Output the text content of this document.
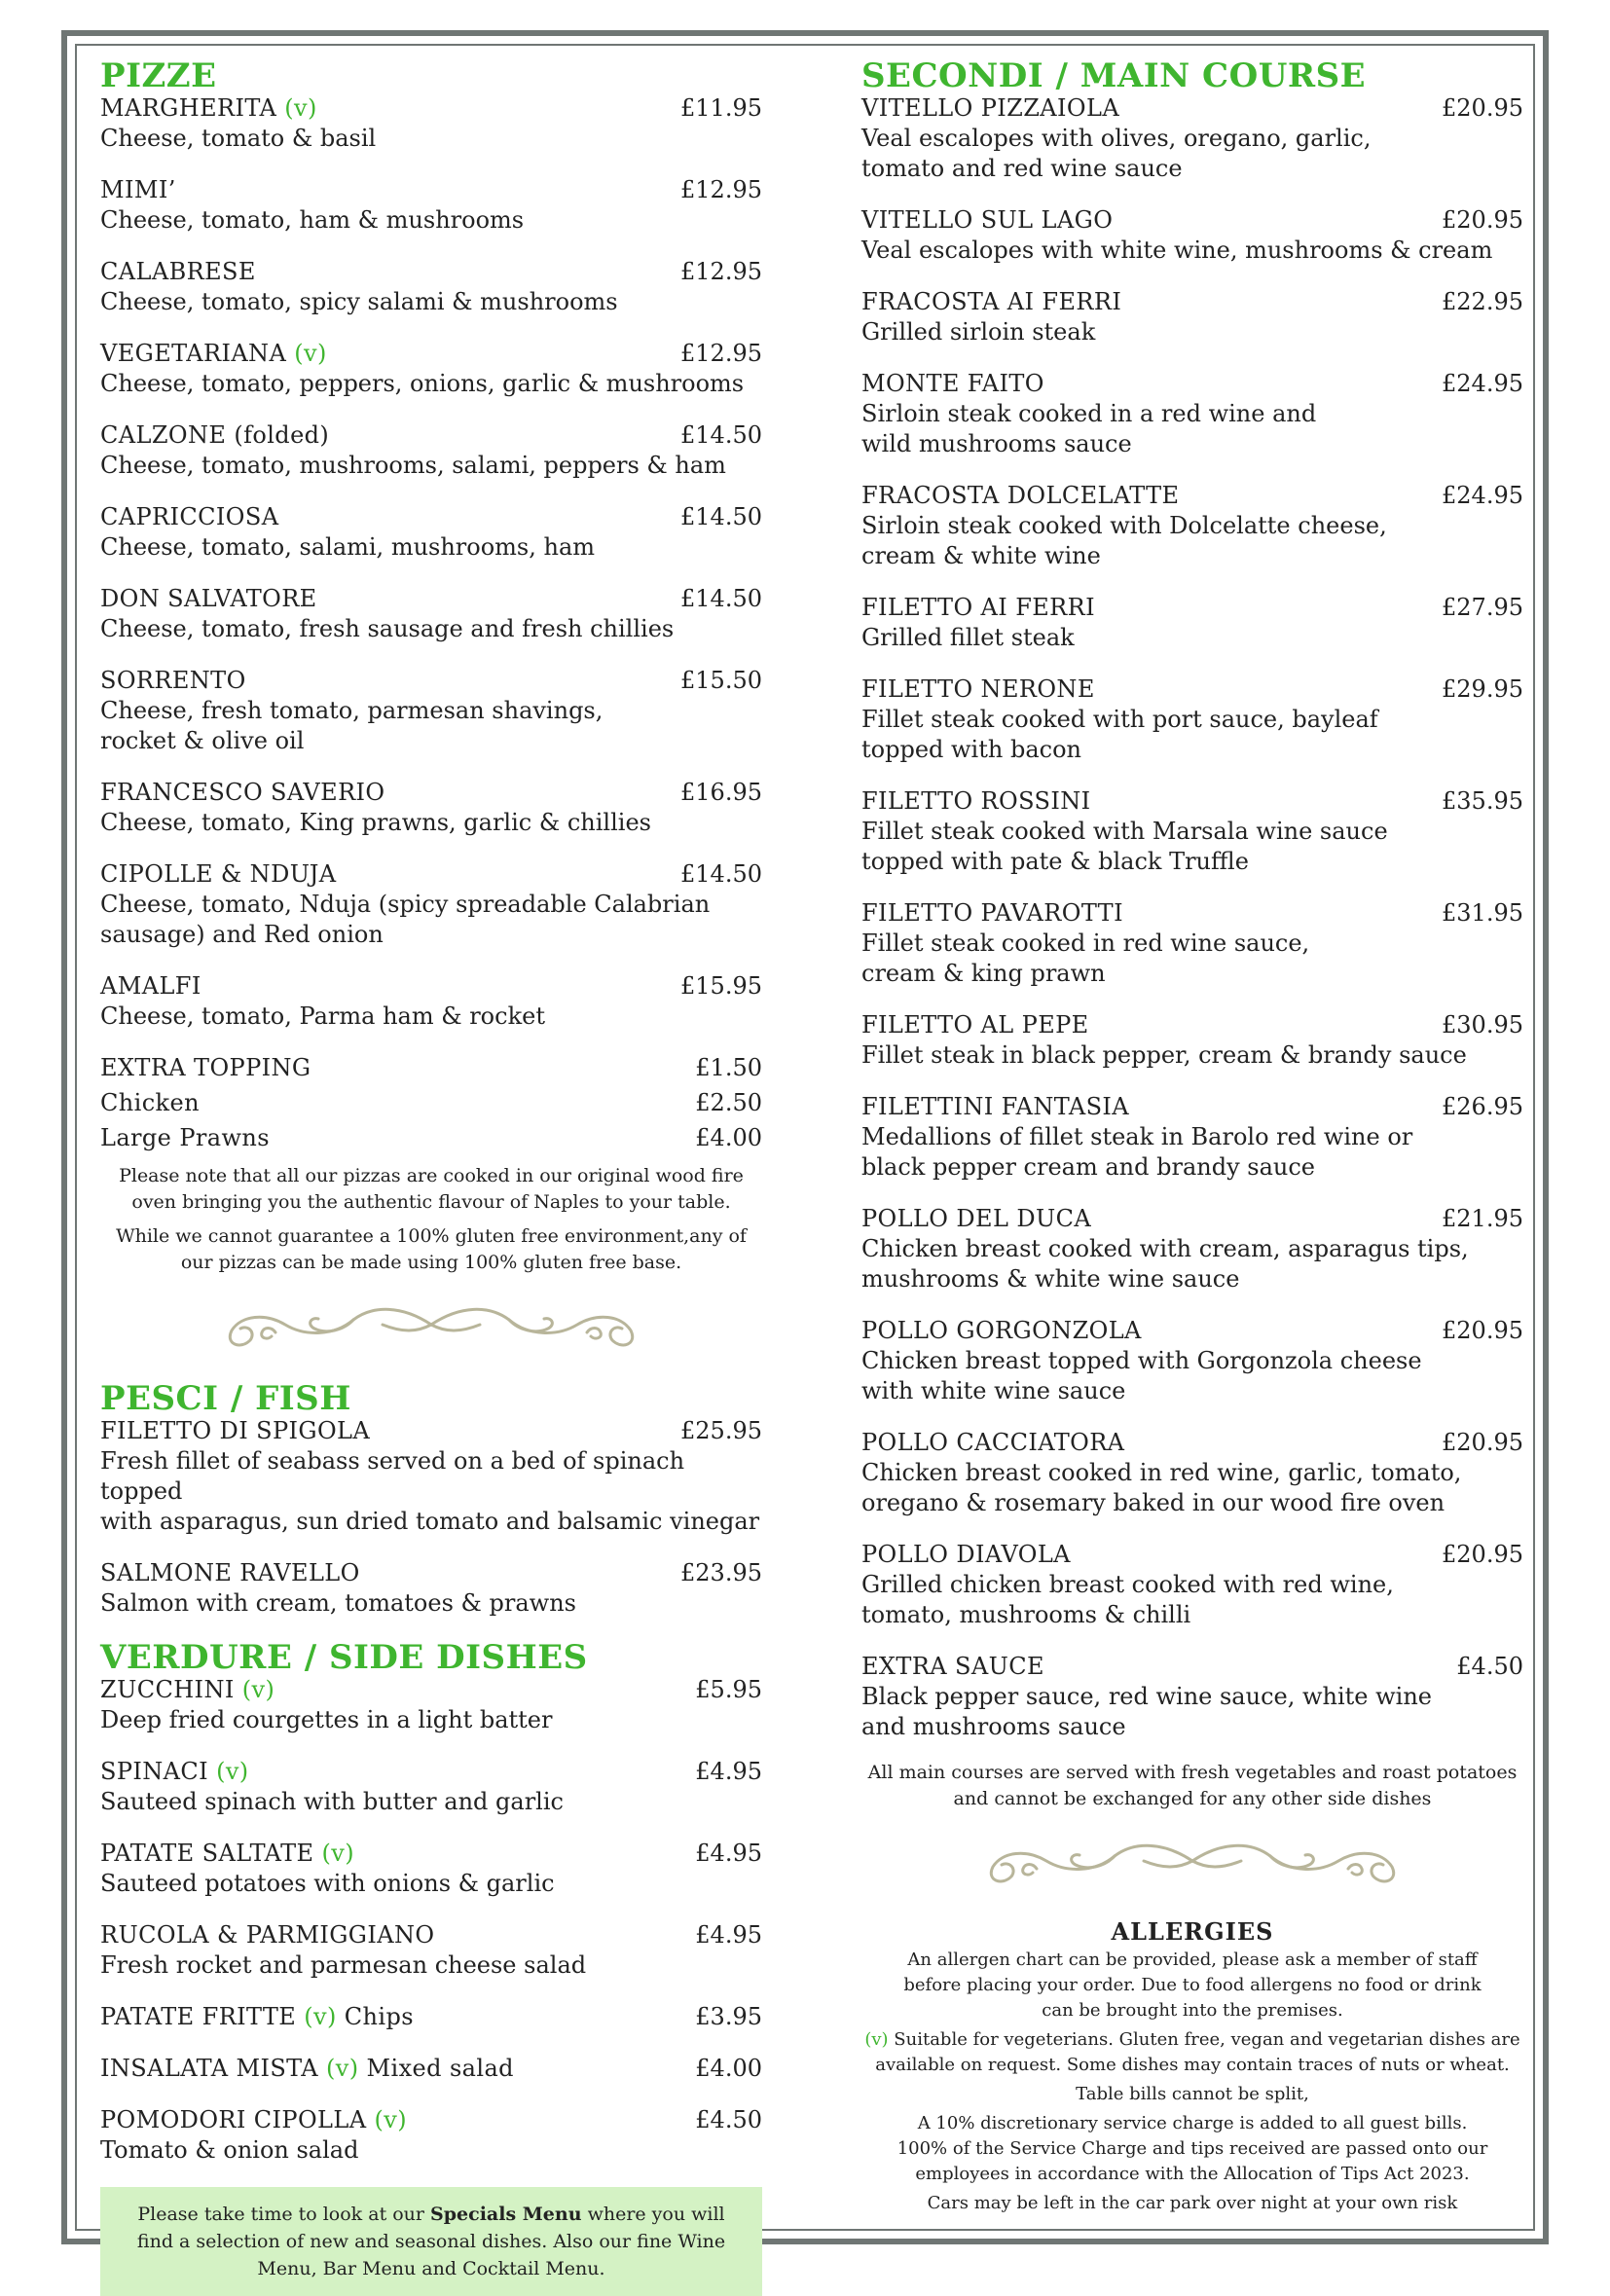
PIZZE
MARGHERITA (v)	£11.95
Cheese, tomato & basil
MIMI’	£12.95
Cheese, tomato, ham & mushrooms
CALABRESE	£12.95
Cheese, tomato, spicy salami & mushrooms
VEGETARIANA (v)	£12.95
Cheese, tomato, peppers, onions, garlic & mushrooms
CALZONE (folded)	£14.50
Cheese, tomato, mushrooms, salami, peppers & ham
CAPRICCIOSA	£14.50
Cheese, tomato, salami, mushrooms, ham
DON SALVATORE	£14.50
Cheese, tomato, fresh sausage and fresh chillies
SORRENTO	£15.50
Cheese, fresh tomato, parmesan shavings,
rocket & olive oil
FRANCESCO SAVERIO	£16.95
Cheese, tomato, King prawns, garlic & chillies
CIPOLLE & NDUJA	£14.50
Cheese, tomato, Nduja (spicy spreadable Calabrian
sausage) and Red onion
AMALFI	£15.95
Cheese, tomato, Parma ham & rocket
EXTRA TOPPING	£1.50
Chicken	£2.50
Large Prawns	£4.00

Please note that all our pizzas are cooked in our original wood fire oven bringing you the authentic flavour of Naples to your table.

While we cannot guarantee a 100% gluten free environment,any of our pizzas can be made using 100% gluten free base.

PESCI / FISH
FILETTO DI SPIGOLA	£25.95
Fresh fillet of seabass served on a bed of spinach topped
with asparagus, sun dried tomato and balsamic vinegar
SALMONE RAVELLO	£23.95
Salmon with cream, tomatoes & prawns
VERDURE / SIDE DISHES
ZUCCHINI (v)	£5.95
Deep fried courgettes in a light batter
SPINACI (v)	£4.95
Sauteed spinach with butter and garlic
PATATE SALTATE (v)	£4.95
Sauteed potatoes with onions & garlic
RUCOLA & PARMIGGIANO	£4.95
Fresh rocket and parmesan cheese salad
PATATE FRITTE (v) Chips	£3.95
INSALATA MISTA (v) Mixed salad	£4.00
POMODORI CIPOLLA (v)	£4.50
Tomato & onion salad
Please take time to look at our Specials Menu where you will find a selection of new and seasonal dishes. Also our fine Wine Menu, Bar Menu and Cocktail Menu.
SECONDI / MAIN COURSE
VITELLO PIZZAIOLA	£20.95
Veal escalopes with olives, oregano, garlic,
tomato and red wine sauce
VITELLO SUL LAGO	£20.95
Veal escalopes with white wine, mushrooms & cream
FRACOSTA AI FERRI	£22.95
Grilled sirloin steak
MONTE FAITO	£24.95
Sirloin steak cooked in a red wine and
wild mushrooms sauce
FRACOSTA DOLCELATTE	£24.95
Sirloin steak cooked with Dolcelatte cheese,
cream & white wine
FILETTO AI FERRI	£27.95
Grilled fillet steak
FILETTO NERONE	£29.95
Fillet steak cooked with port sauce, bayleaf
topped with bacon
FILETTO ROSSINI	£35.95
Fillet steak cooked with Marsala wine sauce
topped with pate & black Truffle
FILETTO PAVAROTTI	£31.95
Fillet steak cooked in red wine sauce,
cream & king prawn
FILETTO AL PEPE	£30.95
Fillet steak in black pepper, cream & brandy sauce
FILETTINI FANTASIA	£26.95
Medallions of fillet steak in Barolo red wine or
black pepper cream and brandy sauce
POLLO DEL DUCA	£21.95
Chicken breast cooked with cream, asparagus tips,
mushrooms & white wine sauce
POLLO GORGONZOLA	£20.95
Chicken breast topped with Gorgonzola cheese
with white wine sauce
POLLO CACCIATORA	£20.95
Chicken breast cooked in red wine, garlic, tomato,
oregano & rosemary baked in our wood fire oven
POLLO DIAVOLA	£20.95
Grilled chicken breast cooked with red wine,
tomato, mushrooms & chilli
EXTRA SAUCE	£4.50
Black pepper sauce, red wine sauce, white wine
and mushrooms sauce
All main courses are served with fresh vegetables and roast potatoes and cannot be exchanged for any other side dishes
ALLERGIES

An allergen chart can be provided, please ask a member of staff
before placing your order. Due to food allergens no food or drink
can be brought into the premises.

(v) Suitable for vegeterians. Gluten free, vegan and vegetarian dishes are available on request. Some dishes may contain traces of nuts or wheat.

Table bills cannot be split,

A 10% discretionary service charge is added to all guest bills.
100% of the Service Charge and tips received are passed onto our
employees in accordance with the Allocation of Tips Act 2023.

Cars may be left in the car park over night at your own risk
